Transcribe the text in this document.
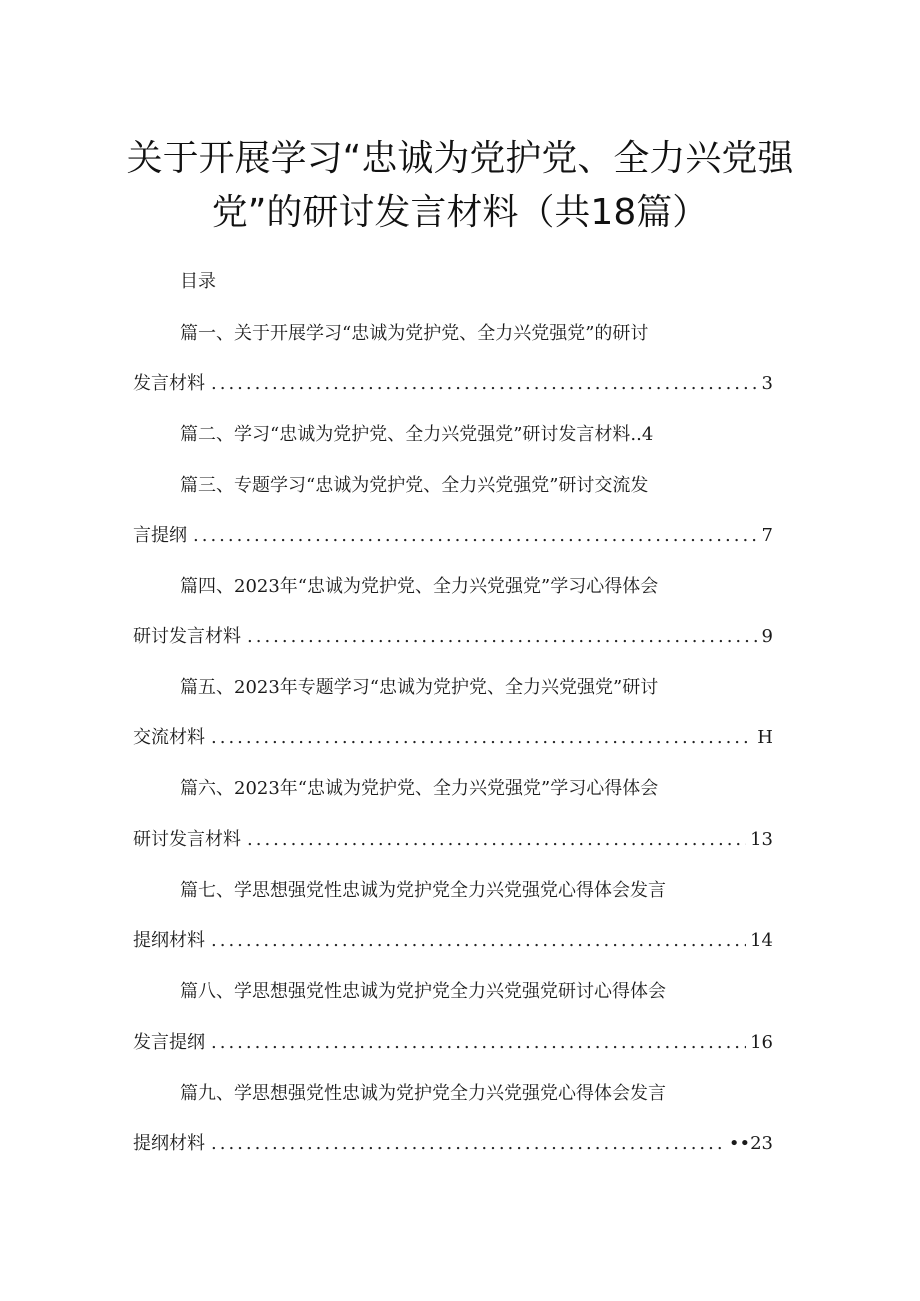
关于开展学习“忠诚为党护党、全力兴党强
党”的研讨发言材料（共18篇）
目录
篇一、关于开展学习“忠诚为党护党、全力兴党强党”的研讨
发言材料 .....	3
篇二、学习“忠诚为党护党、全力兴党强党”研讨发言材料..4
篇三、专题学习“忠诚为党护党、全力兴党强党”研讨交流发
言提纲 .....	7
篇四、2023年“忠诚为党护党、全力兴党强党”学习心得体会
研讨发言材料 .....	9
篇五、2023年专题学习“忠诚为党护党、全力兴党强党”研讨
交流材料 .....	H
篇六、2023年“忠诚为党护党、全力兴党强党”学习心得体会
研讨发言材料 .....	13
篇七、学思想强党性忠诚为党护党全力兴党强党心得体会发言
提纲材料 .....	14
篇八、学思想强党性忠诚为党护党全力兴党强党研讨心得体会
发言提纲 .....	16
篇九、学思想强党性忠诚为党护党全力兴党强党心得体会发言
提纲材料 .....	••23
